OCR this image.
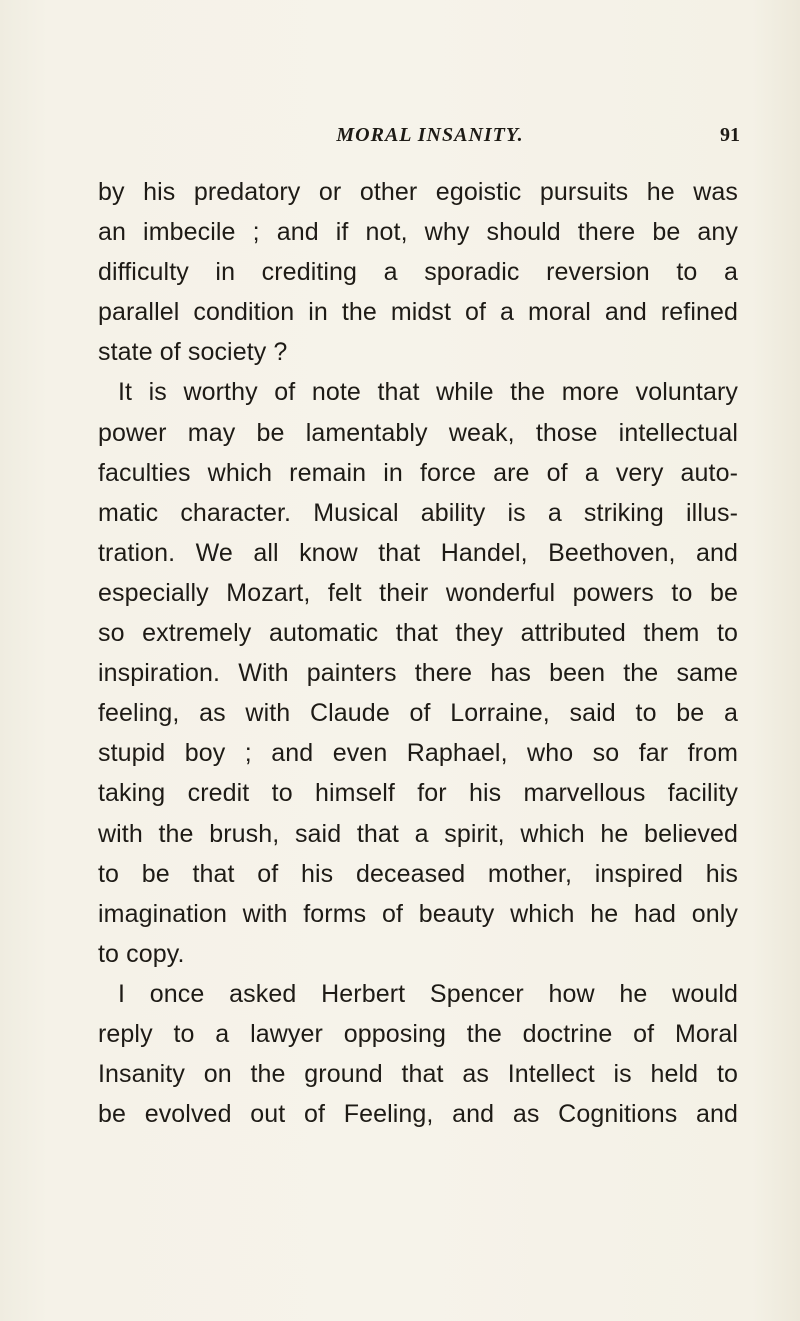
MORAL INSANITY.	91
by his predatory or other egoistic pursuits he was
an imbecile ; and if not, why should there be any
difficulty in crediting a sporadic reversion to a
parallel condition in the midst of a moral and refined
state of society ?
It is worthy of note that while the more voluntary
power may be lamentably weak, those intellectual
faculties which remain in force are of a very auto-
matic character. Musical ability is a striking illus-
tration. We all know that Handel, Beethoven, and
especially Mozart, felt their wonderful powers to be
so extremely automatic that they attributed them to
inspiration. With painters there has been the same
feeling, as with Claude of Lorraine, said to be a
stupid boy ; and even Raphael, who so far from
taking credit to himself for his marvellous facility
with the brush, said that a spirit, which he believed
to be that of his deceased mother, inspired his
imagination with forms of beauty which he had only
to copy.
I once asked Herbert Spencer how he would
reply to a lawyer opposing the doctrine of Moral
Insanity on the ground that as Intellect is held to
be evolved out of Feeling, and as Cognitions and
